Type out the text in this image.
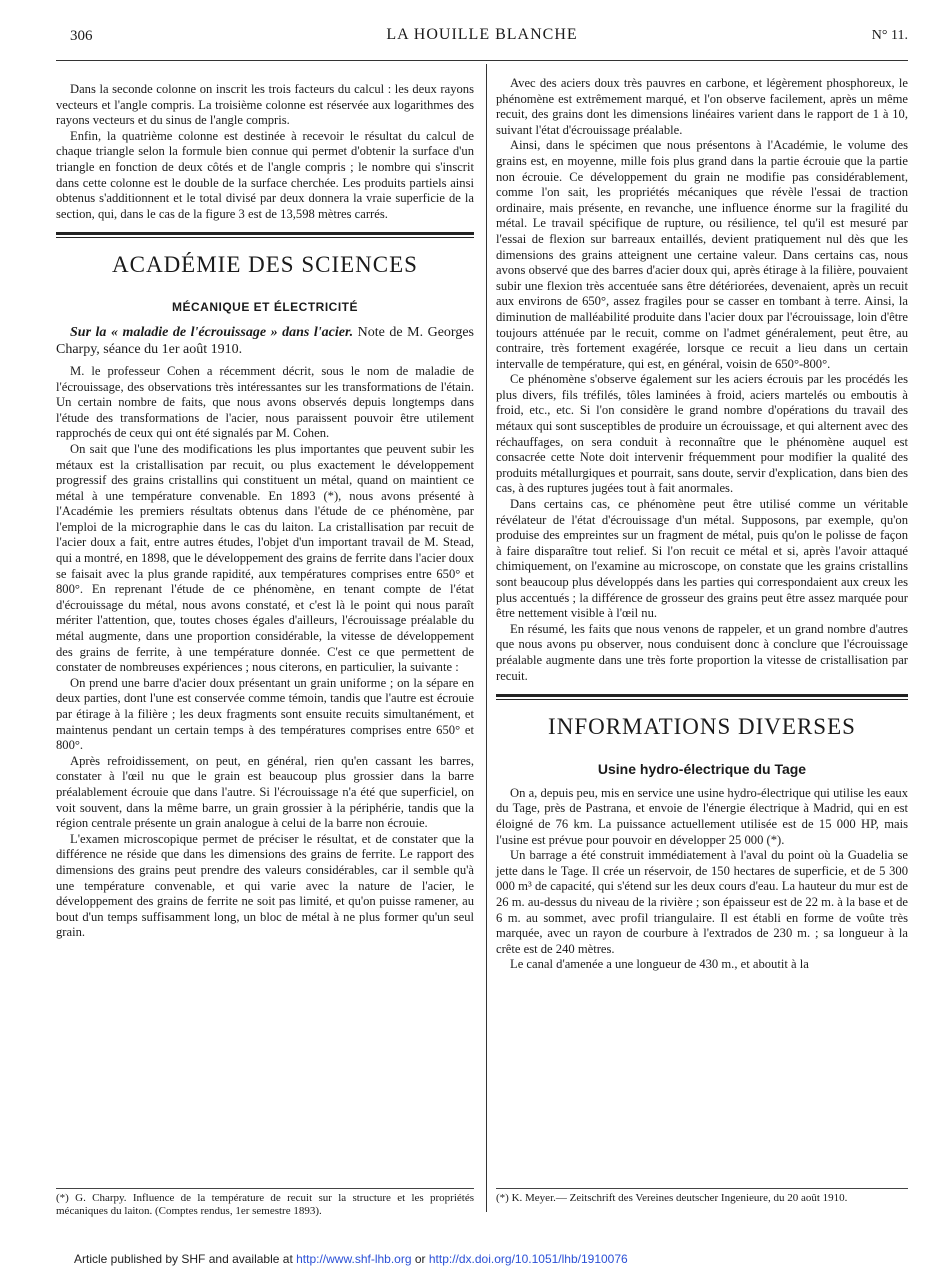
306	LA HOUILLE BLANCHE	N° 11.

Dans la seconde colonne on inscrit les trois facteurs du calcul : les deux rayons vecteurs et l'angle compris. La troisième colonne est réservée aux logarithmes des rayons vecteurs et du sinus de l'angle compris.

Enfin, la quatrième colonne est destinée à recevoir le résultat du calcul de chaque triangle selon la formule bien connue qui permet d'obtenir la surface d'un triangle en fonction de deux côtés et de l'angle compris ; le nombre qui s'inscrit dans cette colonne est le double de la surface cherchée. Les produits partiels ainsi obtenus s'additionnent et le total divisé par deux donnera la vraie superficie de la section, qui, dans le cas de la figure 3 est de 13,598 mètres carrés.

ACADÉMIE DES SCIENCES
MÉCANIQUE ET ÉLECTRICITÉ
Sur la « maladie de l'écrouissage » dans l'acier. Note de M. Georges Charpy, séance du 1er août 1910.

M. le professeur Cohen a récemment décrit, sous le nom de maladie de l'écrouissage, des observations très intéressantes sur les transformations de l'étain. Un certain nombre de faits, que nous avons observés depuis longtemps dans l'étude des transformations de l'acier, nous paraissent pouvoir être utilement rapprochés de ceux qui ont été signalés par M. Cohen.

On sait que l'une des modifications les plus importantes que peuvent subir les métaux est la cristallisation par recuit, ou plus exactement le développement progressif des grains cristallins qui constituent un métal, quand on maintient ce métal à une température convenable. En 1893 (*), nous avons présenté à l'Académie les premiers résultats obtenus dans l'étude de ce phénomène, par l'emploi de la micrographie dans le cas du laiton. La cristallisation par recuit de l'acier doux a fait, entre autres études, l'objet d'un important travail de M. Stead, qui a montré, en 1898, que le développement des grains de ferrite dans l'acier doux se faisait avec la plus grande rapidité, aux températures comprises entre 650° et 800°. En reprenant l'étude de ce phénomène, en tenant compte de l'état d'écrouissage du métal, nous avons constaté, et c'est là le point qui nous paraît mériter l'attention, que, toutes choses égales d'ailleurs, l'écrouissage préalable du métal augmente, dans une proportion considérable, la vitesse de développement des grains de ferrite, à une température donnée. C'est ce que permettent de constater de nombreuses expériences ; nous citerons, en particulier, la suivante :

On prend une barre d'acier doux présentant un grain uniforme ; on la sépare en deux parties, dont l'une est conservée comme témoin, tandis que l'autre est écrouie par étirage à la filière ; les deux fragments sont ensuite recuits simultanément, et maintenus pendant un certain temps à des températures comprises entre 650° et 800°.

Après refroidissement, on peut, en général, rien qu'en cassant les barres, constater à l'œil nu que le grain est beaucoup plus grossier dans la barre préalablement écrouie que dans l'autre. Si l'écrouissage n'a été que superficiel, on voit souvent, dans la même barre, un grain grossier à la périphérie, tandis que la région centrale présente un grain analogue à celui de la barre non écrouie.

L'examen microscopique permet de préciser le résultat, et de constater que la différence ne réside que dans les dimensions des grains de ferrite. Le rapport des dimensions des grains peut prendre des valeurs considérables, car il semble qu'à une température convenable, et qui varie avec la nature de l'acier, le développement des grains de ferrite ne soit pas limité, et qu'on puisse ramener, au bout d'un temps suffisamment long, un bloc de métal à ne plus former qu'un seul grain.

Avec des aciers doux très pauvres en carbone, et légèrement phosphoreux, le phénomène est extrêmement marqué, et l'on observe facilement, après un même recuit, des grains dont les dimensions linéaires varient dans le rapport de 1 à 10, suivant l'état d'écrouissage préalable.

Ainsi, dans le spécimen que nous présentons à l'Académie, le volume des grains est, en moyenne, mille fois plus grand dans la partie écrouie que la partie non écrouie. Ce développement du grain ne modifie pas considérablement, comme l'on sait, les propriétés mécaniques que révèle l'essai de traction ordinaire, mais présente, en revanche, une influence énorme sur la fragilité du métal. Le travail spécifique de rupture, ou résilience, tel qu'il est mesuré par l'essai de flexion sur barreaux entaillés, devient pratiquement nul dès que les dimensions des grains atteignent une certaine valeur. Dans certains cas, nous avons observé que des barres d'acier doux qui, après étirage à la filière, pouvaient subir une flexion très accentuée sans être détériorées, devenaient, après un recuit aux environs de 650°, assez fragiles pour se casser en tombant à terre. Ainsi, la diminution de malléabilité produite dans l'acier doux par l'écrouissage, loin d'être toujours atténuée par le recuit, comme on l'admet généralement, peut être, au contraire, très fortement exagérée, lorsque ce recuit a lieu dans un certain intervalle de température, qui est, en général, voisin de 650°-800°.

Ce phénomène s'observe également sur les aciers écrouis par les procédés les plus divers, fils tréfilés, tôles laminées à froid, aciers martelés ou emboutis à froid, etc., etc. Si l'on considère le grand nombre d'opérations du travail des métaux qui sont susceptibles de produire un écrouissage, et qui alternent avec des réchauffages, on sera conduit à reconnaître que le phénomène auquel est consacrée cette Note doit intervenir fréquemment pour modifier la qualité des produits métallurgiques et pourrait, sans doute, servir d'explication, dans bien des cas, à des ruptures jugées tout à fait anormales.

Dans certains cas, ce phénomène peut être utilisé comme un véritable révélateur de l'état d'écrouissage d'un métal. Supposons, par exemple, qu'on produise des empreintes sur un fragment de métal, puis qu'on le polisse de façon à faire disparaître tout relief. Si l'on recuit ce métal et si, après l'avoir attaqué chimiquement, on l'examine au microscope, on constate que les grains cristallins sont beaucoup plus développés dans les parties qui correspondaient aux creux les plus accentués ; la différence de grosseur des grains peut être assez marquée pour être nettement visible à l'œil nu.

En résumé, les faits que nous venons de rappeler, et un grand nombre d'autres que nous avons pu observer, nous conduisent donc à conclure que l'écrouissage préalable augmente dans une très forte proportion la vitesse de cristallisation par recuit.

INFORMATIONS DIVERSES
Usine hydro-électrique du Tage

On a, depuis peu, mis en service une usine hydro-électrique qui utilise les eaux du Tage, près de Pastrana, et envoie de l'énergie électrique à Madrid, qui en est éloigné de 76 km. La puissance actuellement utilisée est de 15 000 HP, mais l'usine est prévue pour pouvoir en développer 25 000 (*).

Un barrage a été construit immédiatement à l'aval du point où la Guadelia se jette dans le Tage. Il crée un réservoir, de 150 hectares de superficie, et de 5 300 000 m³ de capacité, qui s'étend sur les deux cours d'eau. La hauteur du mur est de 26 m. au-dessus du niveau de la rivière ; son épaisseur est de 22 m. à la base et de 6 m. au sommet, avec profil triangulaire. Il est établi en forme de voûte très marquée, avec un rayon de courbure à l'extrados de 230 m. ; sa longueur à la crête est de 240 mètres.

Le canal d'amenée a une longueur de 430 m., et aboutit à la

(*) G. Charpy. Influence de la température de recuit sur la structure et les propriétés mécaniques du laiton. (Comptes rendus, 1er semestre 1893).
(*) K. Meyer.— Zeitschrift des Vereines deutscher Ingenieure, du 20 août 1910.
Article published by SHF and available at http://www.shf-lhb.org or http://dx.doi.org/10.1051/lhb/1910076
